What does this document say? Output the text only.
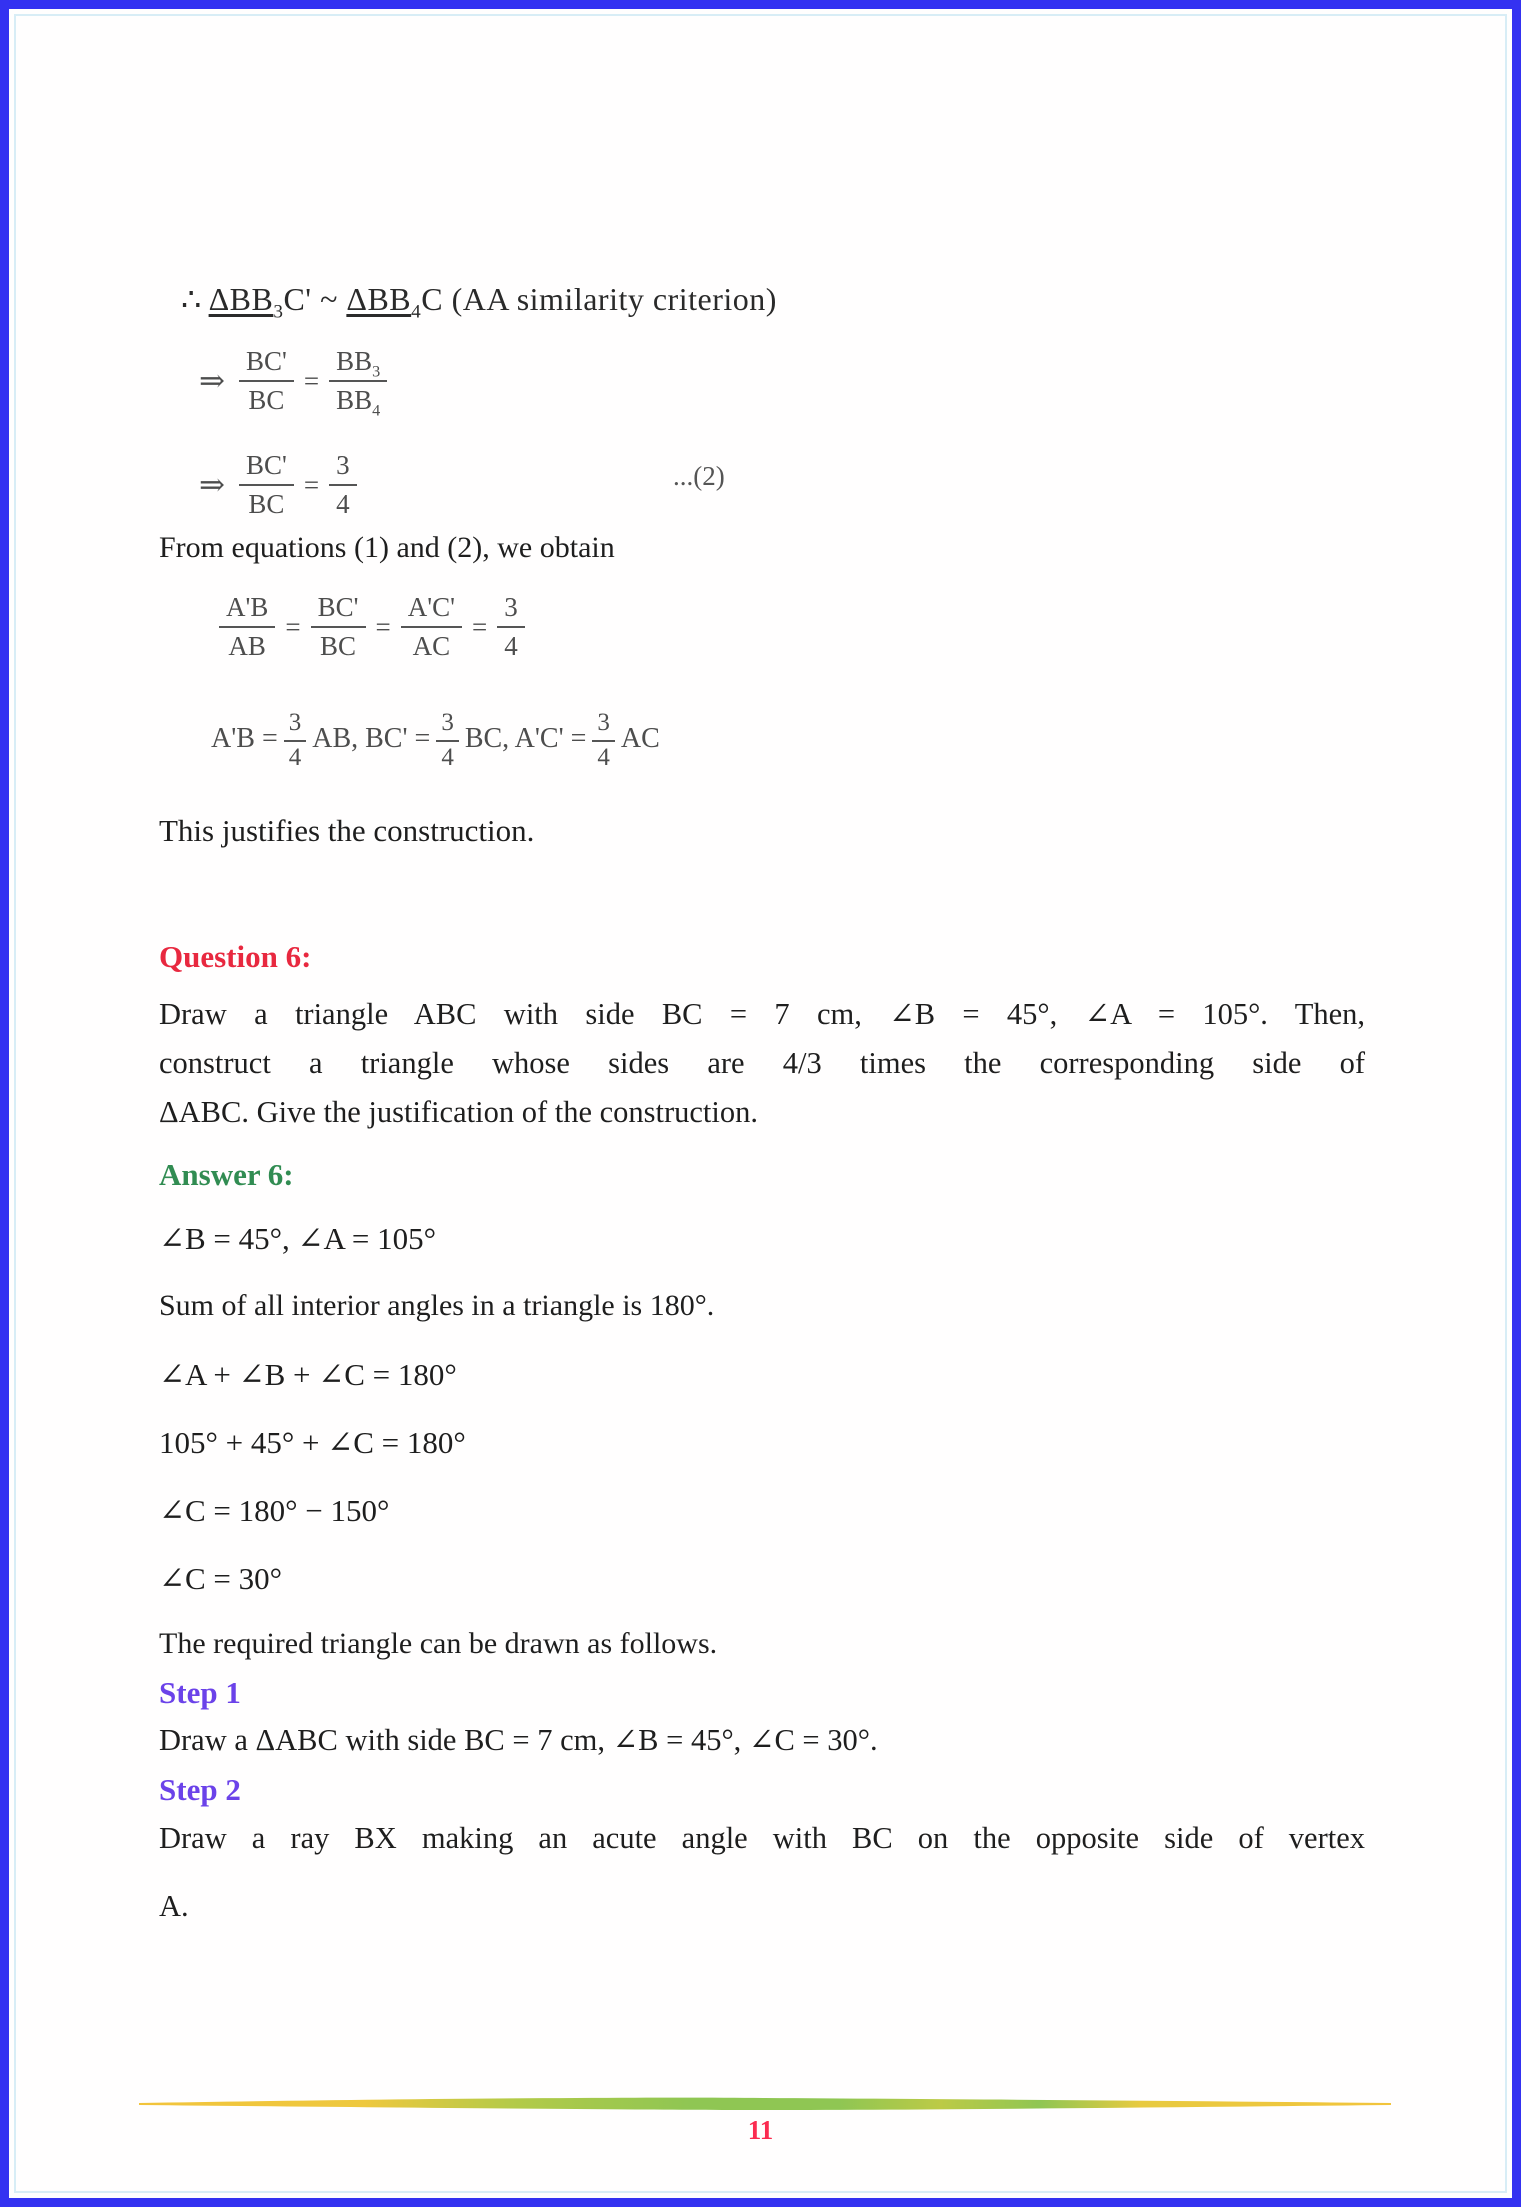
∴ $\Delta BB_3C'$ ~ $\Delta BB_4C$ (AA similarity criterion)
⇒ $\frac{BC'}{BC} = \frac{BB_3}{BB_4}$
⇒ $\frac{BC'}{BC} = \frac{3}{4}$	...(2)
From equations (1) and (2), we obtain
$\frac{A'B}{AB} = \frac{BC'}{BC} = \frac{A'C'}{AC} = \frac{3}{4}$
$A'B = \frac{3}{4}$ AB, $BC' = \frac{3}{4}$ BC, $A'C' = \frac{3}{4}$ AC
This justifies the construction.
Question 6:
Draw a triangle ABC with side BC = 7 cm, ∠B = 45°, ∠A = 105°. Then,
construct a triangle whose sides are 4/3 times the corresponding side of
ΔABC. Give the justification of the construction.
Answer 6:
∠B = 45°, ∠A = 105°
Sum of all interior angles in a triangle is 180°.
∠A + ∠B + ∠C = 180°
105° + 45° + ∠C = 180°
∠C = 180° − 150°
∠C = 30°
The required triangle can be drawn as follows.
Step 1
Draw a ΔABC with side BC = 7 cm, ∠B = 45°, ∠C = 30°.
Step 2
Draw a ray BX making an acute angle with BC on the opposite side of vertex
A.
11
